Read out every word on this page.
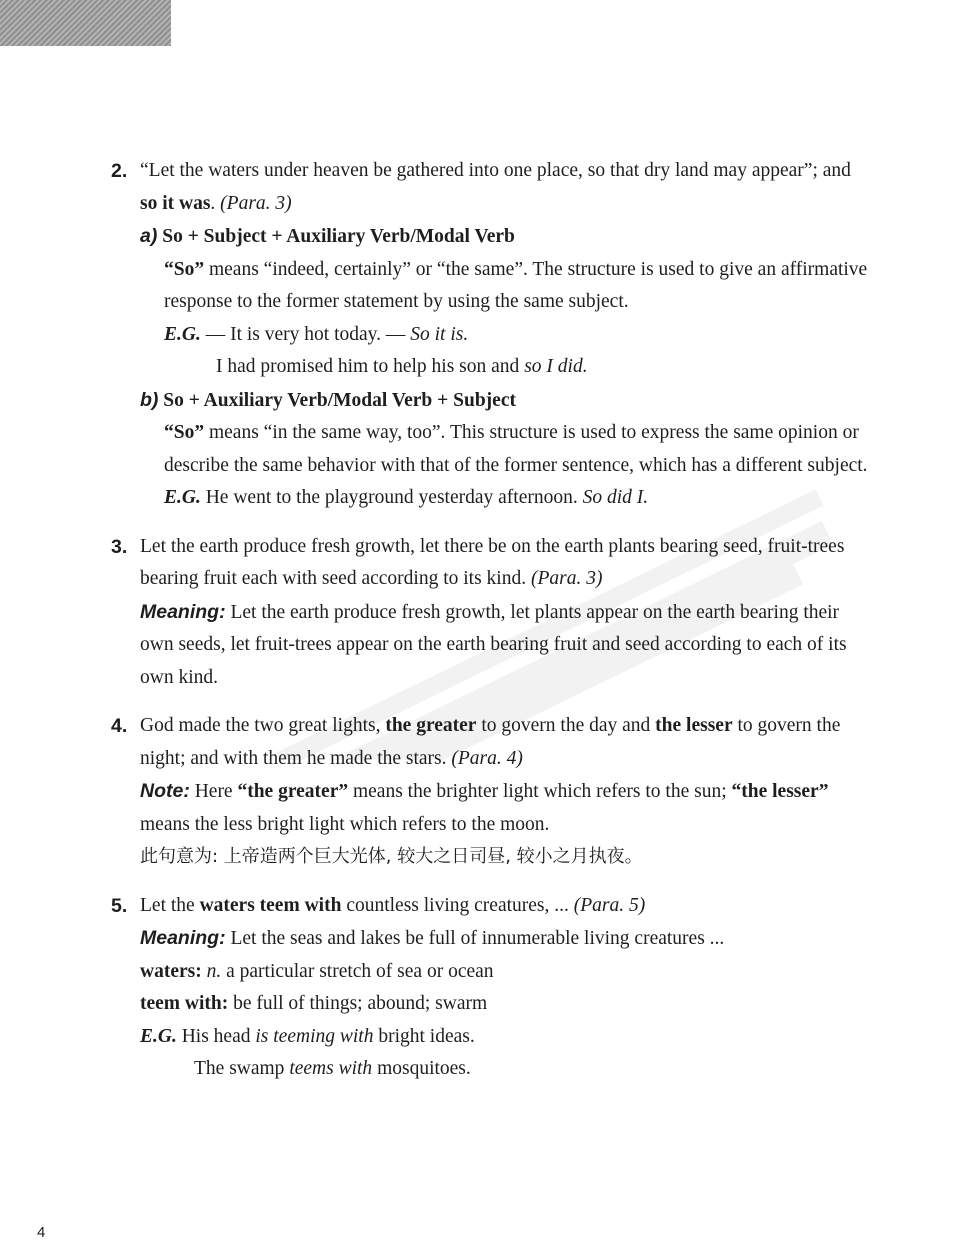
2. “Let the waters under heaven be gathered into one place, so that dry land may appear”; and so it was. (Para. 3)
a) So + Subject + Auxiliary Verb/Modal Verb
“So” means “indeed, certainly” or “the same”. The structure is used to give an affirmative response to the former statement by using the same subject.
E.G. — It is very hot today. — So it is.
I had promised him to help his son and so I did.
b) So + Auxiliary Verb/Modal Verb + Subject
“So” means “in the same way, too”. This structure is used to express the same opinion or describe the same behavior with that of the former sentence, which has a different subject.
E.G. He went to the playground yesterday afternoon. So did I.
3. Let the earth produce fresh growth, let there be on the earth plants bearing seed, fruit-trees bearing fruit each with seed according to its kind. (Para. 3)
Meaning: Let the earth produce fresh growth, let plants appear on the earth bearing their own seeds, let fruit-trees appear on the earth bearing fruit and seed according to each of its own kind.
4. God made the two great lights, the greater to govern the day and the lesser to govern the night; and with them he made the stars. (Para. 4)
Note: Here “the greater” means the brighter light which refers to the sun; “the lesser” means the less bright light which refers to the moon.
此句意为: 上帝造两个巨大光体, 较大之日司昼, 较小之月执夜。
5. Let the waters teem with countless living creatures, ... (Para. 5)
Meaning: Let the seas and lakes be full of innumerable living creatures ...
waters: n. a particular stretch of sea or ocean
teem with: be full of things; abound; swarm
E.G. His head is teeming with bright ideas.
The swamp teems with mosquitoes.
4
